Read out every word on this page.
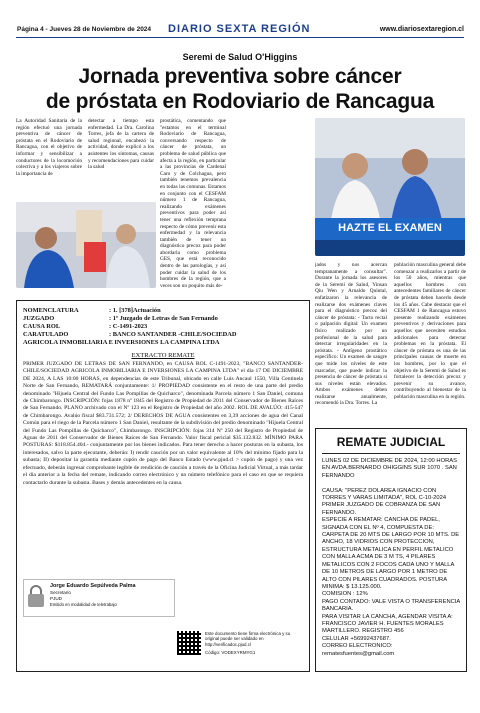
Página 4 - Jueves 28 de Noviembre de 2024 DIARIO SEXTA REGIÓN	www.diariosextaregion.cl
Seremi de Salud O'Higgins
Jornada preventiva sobre cáncer
de próstata en Rodoviario de Rancagua
La Autoridad Sanitaria de la región efectuó una jornada preventiva de cáncer de próstata en el Rodoviario de Rancagua, con el objetivo de informar y sensibilizar a conductores de la locomoción colectiva y a los viajeros sobre la importancia de
detectar a tiempo esta enfermedad. La Dra. Carolina Torres, jefa de la cartera de salud regional, encabezó la actividad, donde explicó a los asistentes los síntomas, causas y recomendaciones para cuidar la salud
prostática, comentando que "estamos en el terminal Rodoviario de Rancagua, conversando respecto de cáncer de próstata, un problema de salud pública que afecta a la región, en particular a las provincias de Cardenal Caro y de Colchagua, pero también tenemos prevalencia en todas las comunas. Estamos en conjunto con el CESFAM número 1 de Rancagua, realizando exámenes preventivos para poder así tener una reflexión temprana respecto de cómo prevenir esta enfermedad y la relevancia también de tener un diagnóstico precoz para poder abordarla como problema GES, que está reconocido dentro de las patologías, y así poder cuidar la salud de los hombres de la región, que a veces son un poquito más de-
HAZTE EL EXAMEN
jados y nos acercan tempranamente a consultar". Durante la jornada los asesores de la Seremi de Salud, Yinsan Qiu Wen y Arnaldo Quintal, enfatizaron la relevancia de realizarse dos exámenes claves para el diagnóstico precoz del cáncer de próstata: - Tacto rectal o palpación digital: Un examen físico realizado por un profesional de la salud para detectar irregularidades en la próstata. - Antígeno prostático específico: Un examen de sangre que mide los niveles de este marcador, que puede indicar la presencia de cáncer de próstata si sus niveles están elevados. Ambos exámenes deben realizarse anualmente, recomendó la Dra. Torres. La
población masculina general debe comenzar a realizarlos a partir de los 50 años, mientras que aquellos hombres con antecedentes familiares de cáncer de próstata deben hacerlo desde los 45 años. Cabe destacar que el CESFAM 1 de Rancagua estuvo presente realizando exámenes preventivos y derivaciones para aquellos que necesiten estudios adicionales para detectar problemas en la próstata. El cáncer de próstata es una de las principales causas de muerte en los hombres, por lo que el objetivo de la Seremi de Salud es fortalecer la detección precoz y prevenir su avance, contribuyendo al bienestar de la población masculina en la región.
NOMENCLATURA	: 1. [378]Actuación
JUZGADO	: 1º Juzgado de Letras de San Fernando
CAUSA ROL	: C-1491-2023
CARATULADO	: BANCO SANTANDER -CHILE/SOCIEDAD
AGRICOLA INMOBILIARIA E INVERSIONES LA CAMPINA LTDA
EXTRACTO REMATE
PRIMER JUZGADO DE LETRAS DE SAN FERNANDO, en CAUSA ROL C-1491-2023, "BANCO SANTANDER-CHILE/SOCIEDAD AGRICOLA INMOBILIARIA E INVERSIONES LA CAMPINA LTDA" el día 17 DE DICIEMBRE DE 2024, A LAS 10:00 HORAS, en dependencias de este Tribunal, ubicado en calle Luis Ancaul 1550, Villa Centinela Norte de San Fernando, REMATARÁ conjuntamente: 1/ PROPIEDAD consistente en el resto de una parte del predio denominado "Hijuela Central del Fundo Las Pompillas de Quicharco", denominada Parcela número 1 San Daniel, comuna de Chimbarongo. INSCRIPCIÓN: fojas 1878 nº 1845 del Registro de Propiedad de 2011 del Conservador de Bienes Raíces de San Fernando. PLANO archivado con el Nº 123 en el Registro de Propiedad del año 2002. ROL DE AVALÚO: 415-547 de Chimbarongo. Avalúo fiscal $83.731.572; 2/ DERECHOS DE AGUA consistentes en 3,39 acciones de agua del Canal Común para el riego de la Parcela número 1 San Daniel, resultante de la subdivisión del predio denominado "Hijuela Central del Fundo Las Pompillas de Quicharco", Chimbarongo. INSCRIPCIÓN: fojas 314 Nº 250 del Registro de Propiedad de Aguas de 2011 del Conservador de Bienes Raíces de San Fernando. Valor fiscal pericial $35.132.832. MÍNIMO PARA POSTURAS: $118.854.404.- conjuntamente por los bienes indicados. Para tener derecho a hacer posturas en la subasta, los interesados, salvo la parte ejecutante, deberán: I) rendir caución por un valor equivalente al 10% del mínimo fijado para la subasta; II) depositar la garantía mediante cupón de pago del Banco Estado (www.pjud.cl > cupón de pago) y una vez efectuado, deberán ingresar comprobante legible de rendición de caución a través de la Oficina Judicial Virtual, a más tardar el día anterior a la fecha del remate, indicando correo electrónico y un número telefónico para el caso en que se requiera contactarlo durante la subasta. Bases y demás antecedentes en la causa.
Jorge Eduardo Sepúlveda Palma
Secretario
PJUD
Emitido en modalidad de teletrabajo
Este documento tiene firma electrónica y su original puede ser validado en http://verificadoc.pjud.cl
Código: VODEXYRMYG1
REMATE JUDICIAL
LUNES 02 DE DICIEMBRE DE 2024, 12:00 HORAS EN AVDA.BERNARDO OHIGGINS SUR 1070 . SAN FERNANDO

CAUSA: "PEREZ DOLAREA IGNACIO CON TORRES Y VARAS LIMITADA", ROL C-10-2024 PRIMER JUZGADO DE COBRANZA DE SAN FERNANDO.
ESPECIE A REMATAR: CANCHA DE PADEL, SIGNADA CON EL Nº 4, COMPUESTA DE: CARPETA DE 20 MTS DE LARGO POR 10 MTS. DE ANCHO, 18 VIDRIOS CON PROTECCION, ESTRUCTURA METALICA EN PERFIL METALICO CON MALLA ACMA DE 3 M TS, 4 PILARES METALICOS CON 2 FOCOS CADA UNO Y MALLA DE 10 METROS DE LARGO POR 1 METRO DE ALTO CON PILARES CUADRADOS. POSTURA MINIMA: $ 13.125.000.
COMISION : 12%
PAGO CONTADO: VALE VISTA O TRANSFERENCIA BANCARIA.
PARA VISITAR LA CANCHA, AGENDAR VISITA A:
FRANCISCO JAVIER H. FUENTES MORALES
MARTILLERO. REGISTRO 456
CELULAR +56992437687.
CORREO ELECTRONICO: rematesfuentes@gmail.com
